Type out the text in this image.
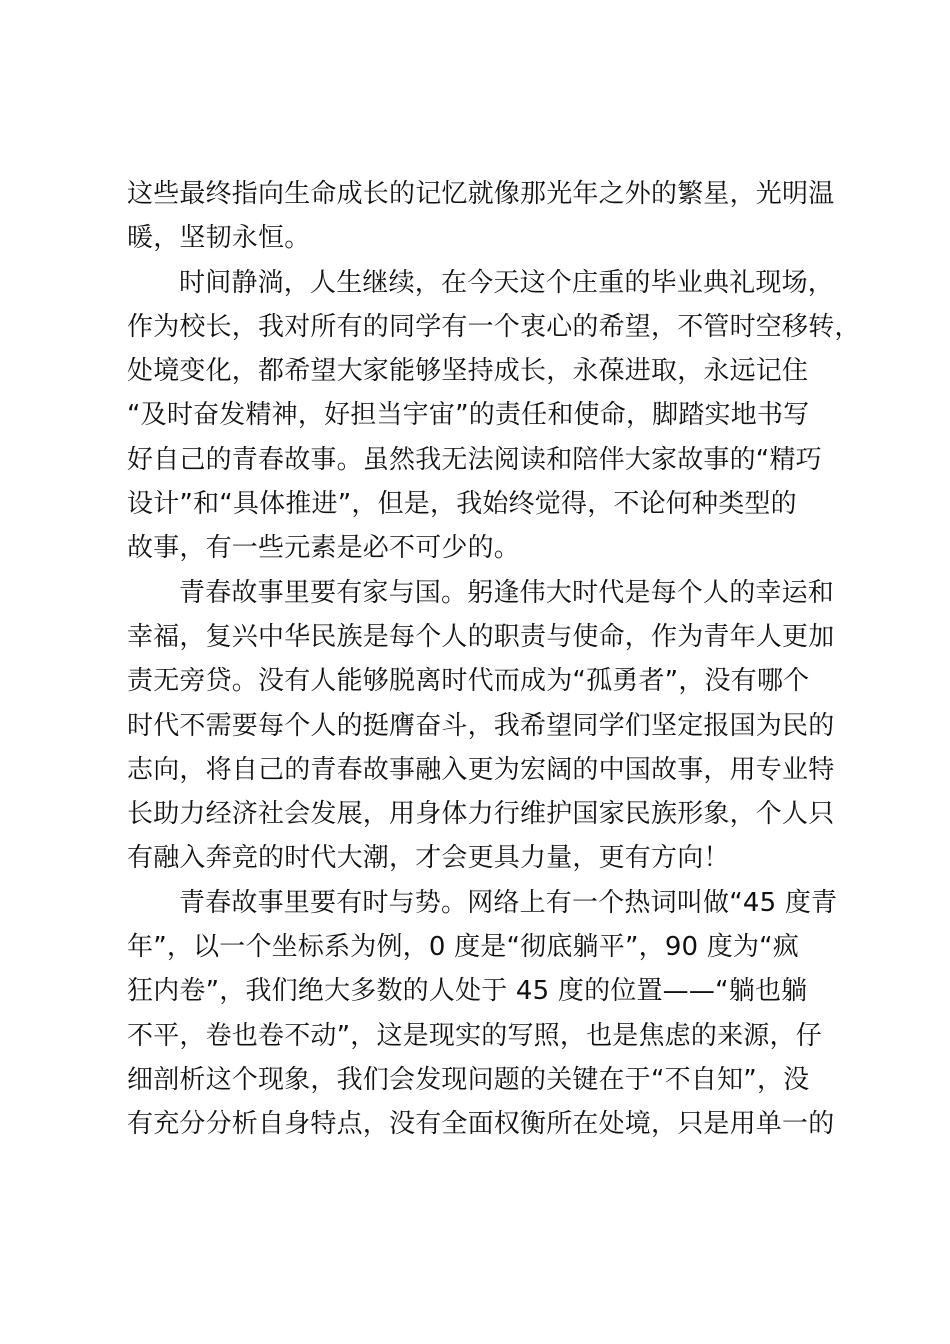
这些最终指向生命成长的记忆就像那光年之外的繁星，光明温
暖，坚韧永恒。
时间静淌，人生继续，在今天这个庄重的毕业典礼现场，
作为校长，我对所有的同学有一个衷心的希望，不管时空移转，
处境变化，都希望大家能够坚持成长，永葆进取，永远记住
“及时奋发精神，好担当宇宙”的责任和使命，脚踏实地书写
好自己的青春故事。虽然我无法阅读和陪伴大家故事的“精巧
设计”和“具体推进”，但是，我始终觉得，不论何种类型的
故事，有一些元素是必不可少的。
青春故事里要有家与国。躬逢伟大时代是每个人的幸运和
幸福，复兴中华民族是每个人的职责与使命，作为青年人更加
责无旁贷。没有人能够脱离时代而成为“孤勇者”，没有哪个
时代不需要每个人的挺膺奋斗，我希望同学们坚定报国为民的
志向，将自己的青春故事融入更为宏阔的中国故事，用专业特
长助力经济社会发展，用身体力行维护国家民族形象，个人只
有融入奔竞的时代大潮，才会更具力量，更有方向！
青春故事里要有时与势。网络上有一个热词叫做“45 度青
年”，以一个坐标系为例，0 度是“彻底躺平”，90 度为“疯
狂内卷”，我们绝大多数的人处于 45 度的位置——“躺也躺
不平，卷也卷不动”，这是现实的写照，也是焦虑的来源，仔
细剖析这个现象，我们会发现问题的关键在于“不自知”，没
有充分分析自身特点，没有全面权衡所在处境，只是用单一的
